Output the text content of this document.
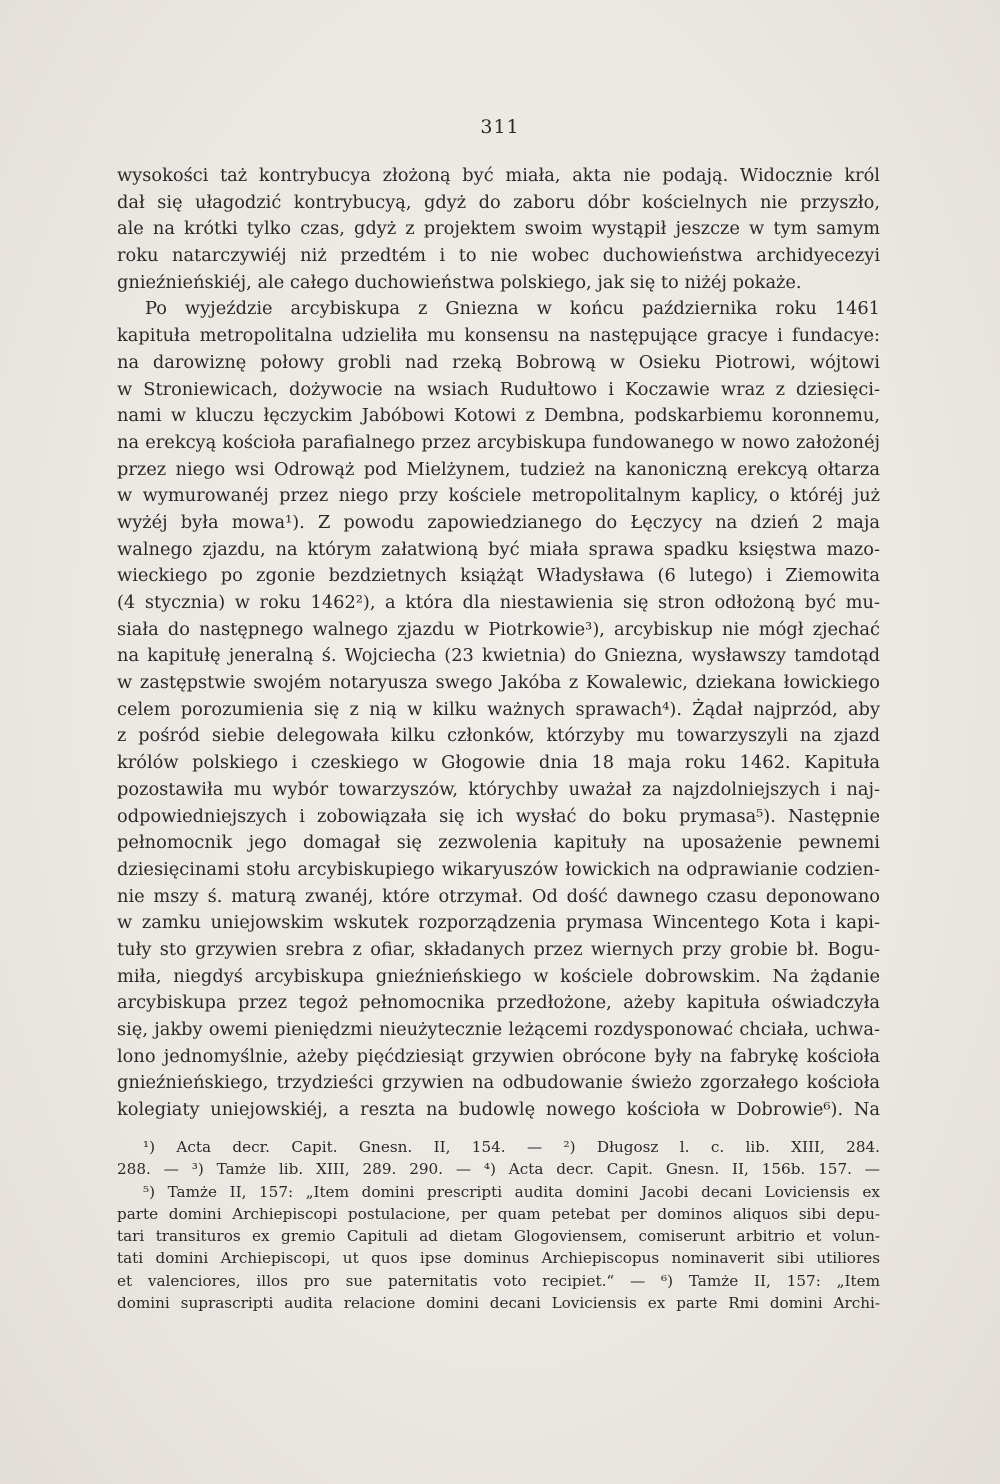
311
wysokości taż kontrybucya złożoną być miała, akta nie podają. Widocznie król
dał się ułagodzić kontrybucyą, gdyż do zaboru dóbr kościelnych nie przyszło,
ale na krótki tylko czas, gdyż z projektem swoim wystąpił jeszcze w tym samym
roku natarczywiéj niż przedtém i to nie wobec duchowieństwa archidyecezyi
gnieźnieńskiéj, ale całego duchowieństwa polskiego, jak się to niżéj pokaże.
Po wyjeździe arcybiskupa z Gniezna w końcu października roku 1461
kapituła metropolitalna udzieliła mu konsensu na następujące gracye i fundacye:
na darowiznę połowy grobli nad rzeką Bobrową w Osieku Piotrowi, wójtowi
w Stroniewicach, dożywocie na wsiach Rudułtowo i Koczawie wraz z dziesięci-
nami w kluczu łęczyckim Jabóbowi Kotowi z Dembna, podskarbiemu koronnemu,
na erekcyą kościoła parafialnego przez arcybiskupa fundowanego w nowo założonéj
przez niego wsi Odrowąż pod Mielżynem, tudzież na kanoniczną erekcyą ołtarza
w wymurowanéj przez niego przy kościele metropolitalnym kaplicy, o któréj już
wyżéj była mowa¹). Z powodu zapowiedzianego do Łęczycy na dzień 2 maja
walnego zjazdu, na którym załatwioną być miała sprawa spadku księstwa mazo-
wieckiego po zgonie bezdzietnych książąt Władysława (6 lutego) i Ziemowita
(4 stycznia) w roku 1462²), a która dla niestawienia się stron odłożoną być mu-
siała do następnego walnego zjazdu w Piotrkowie³), arcybiskup nie mógł zjechać
na kapitułę jeneralną ś. Wojciecha (23 kwietnia) do Gniezna, wysławszy tamdotąd
w zastępstwie swojém notaryusza swego Jakóba z Kowalewic, dziekana łowickiego
celem porozumienia się z nią w kilku ważnych sprawach⁴). Żądał najprzód, aby
z pośród siebie delegowała kilku członków, którzyby mu towarzyszyli na zjazd
królów polskiego i czeskiego w Głogowie dnia 18 maja roku 1462. Kapituła
pozostawiła mu wybór towarzyszów, którychby uważał za najzdolniejszych i naj-
odpowiedniejszych i zobowiązała się ich wysłać do boku prymasa⁵). Następnie
pełnomocnik jego domagał się zezwolenia kapituły na uposażenie pewnemi
dziesięcinami stołu arcybiskupiego wikaryuszów łowickich na odprawianie codzien-
nie mszy ś. maturą zwanéj, które otrzymał. Od dość dawnego czasu deponowano
w zamku uniejowskim wskutek rozporządzenia prymasa Wincentego Kota i kapi-
tuły sto grzywien srebra z ofiar, składanych przez wiernych przy grobie bł. Bogu-
miła, niegdyś arcybiskupa gnieźnieńskiego w kościele dobrowskim. Na żądanie
arcybiskupa przez tegoż pełnomocnika przedłożone, ażeby kapituła oświadczyła
się, jakby owemi pieniędzmi nieużytecznie leżącemi rozdysponować chciała, uchwa-
lono jednomyślnie, ażeby pięćdziesiąt grzywien obrócone były na fabrykę kościoła
gnieźnieńskiego, trzydzieści grzywien na odbudowanie świeżo zgorzałego kościoła
kolegiaty uniejowskiéj, a reszta na budowlę nowego kościoła w Dobrowie⁶). Na
¹) Acta decr. Capit. Gnesn. II, 154. — ²) Długosz l. c. lib. XIII, 284.
288. — ³) Tamże lib. XIII, 289. 290. — ⁴) Acta decr. Capit. Gnesn. II, 156b. 157. —
⁵) Tamże II, 157: „Item domini prescripti audita domini Jacobi decani Loviciensis ex
parte domini Archiepiscopi postulacione, per quam petebat per dominos aliquos sibi depu-
tari transituros ex gremio Capituli ad dietam Glogoviensem, comiserunt arbitrio et volun-
tati domini Archiepiscopi, ut quos ipse dominus Archiepiscopus nominaverit sibi utiliores
et valenciores, illos pro sue paternitatis voto recipiet.“ — ⁶) Tamże II, 157: „Item
domini suprascripti audita relacione domini decani Loviciensis ex parte Rmi domini Archi-
